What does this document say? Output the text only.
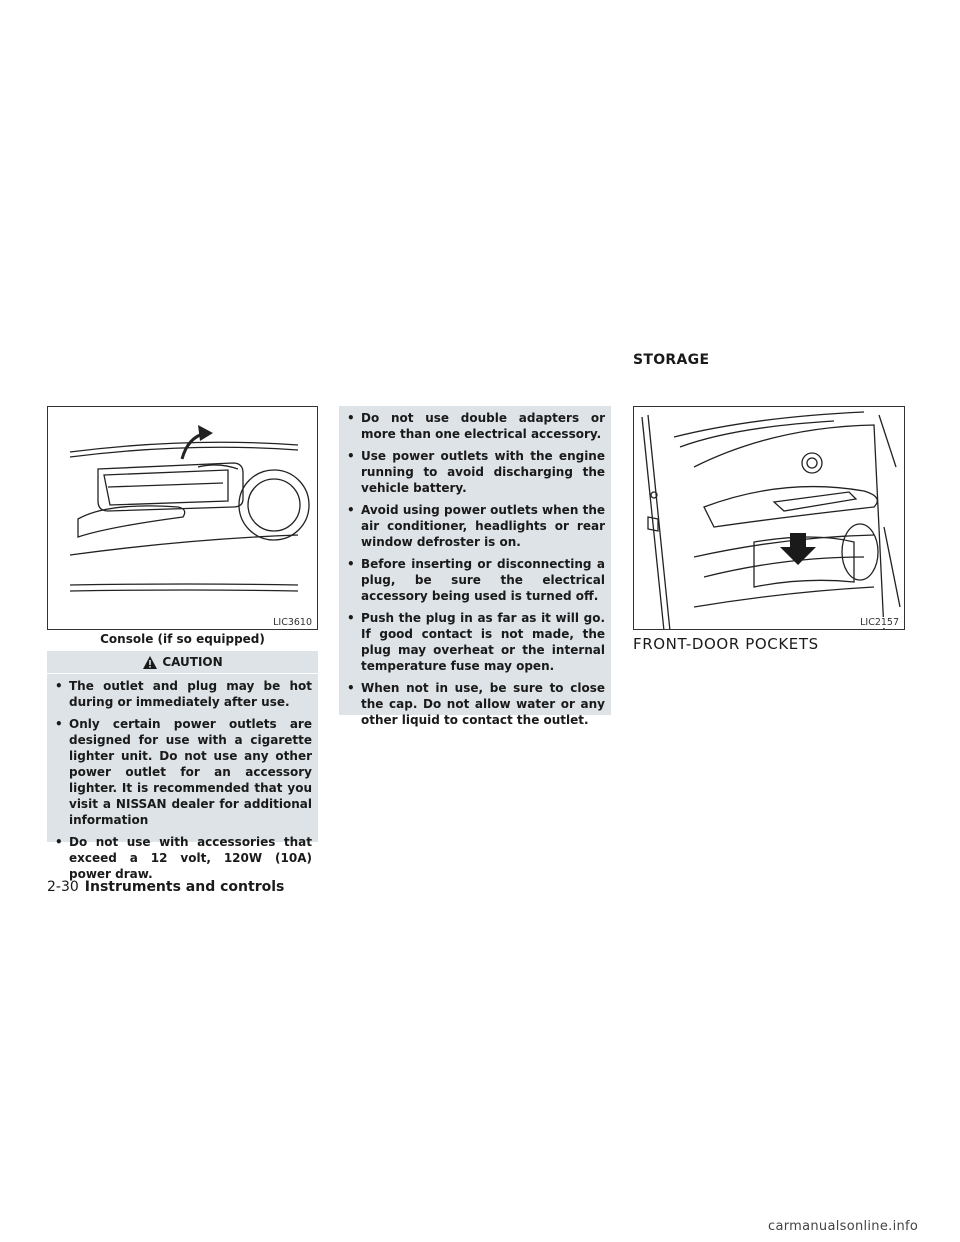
STORAGE
LIC3610
Console (if so equipped)
CAUTION
• The outlet and plug may be hot during or immediately after use.
• Only certain power outlets are designed for use with a cigarette lighter unit. Do not use any other power outlet for an accessory lighter. It is recommended that you visit a NISSAN dealer for additional information
• Do not use with accessories that exceed a 12 volt, 120W (10A) power draw.
• Do not use double adapters or more than one electrical accessory.
• Use power outlets with the engine running to avoid discharging the vehicle battery.
• Avoid using power outlets when the air conditioner, headlights or rear window defroster is on.
• Before inserting or disconnecting a plug, be sure the electrical accessory being used is turned off.
• Push the plug in as far as it will go. If good contact is not made, the plug may overheat or the internal temperature fuse may open.
• When not in use, be sure to close the cap. Do not allow water or any other liquid to contact the outlet.
LIC2157
FRONT-DOOR POCKETS
2-30 Instruments and controls
carmanualsonline.info
